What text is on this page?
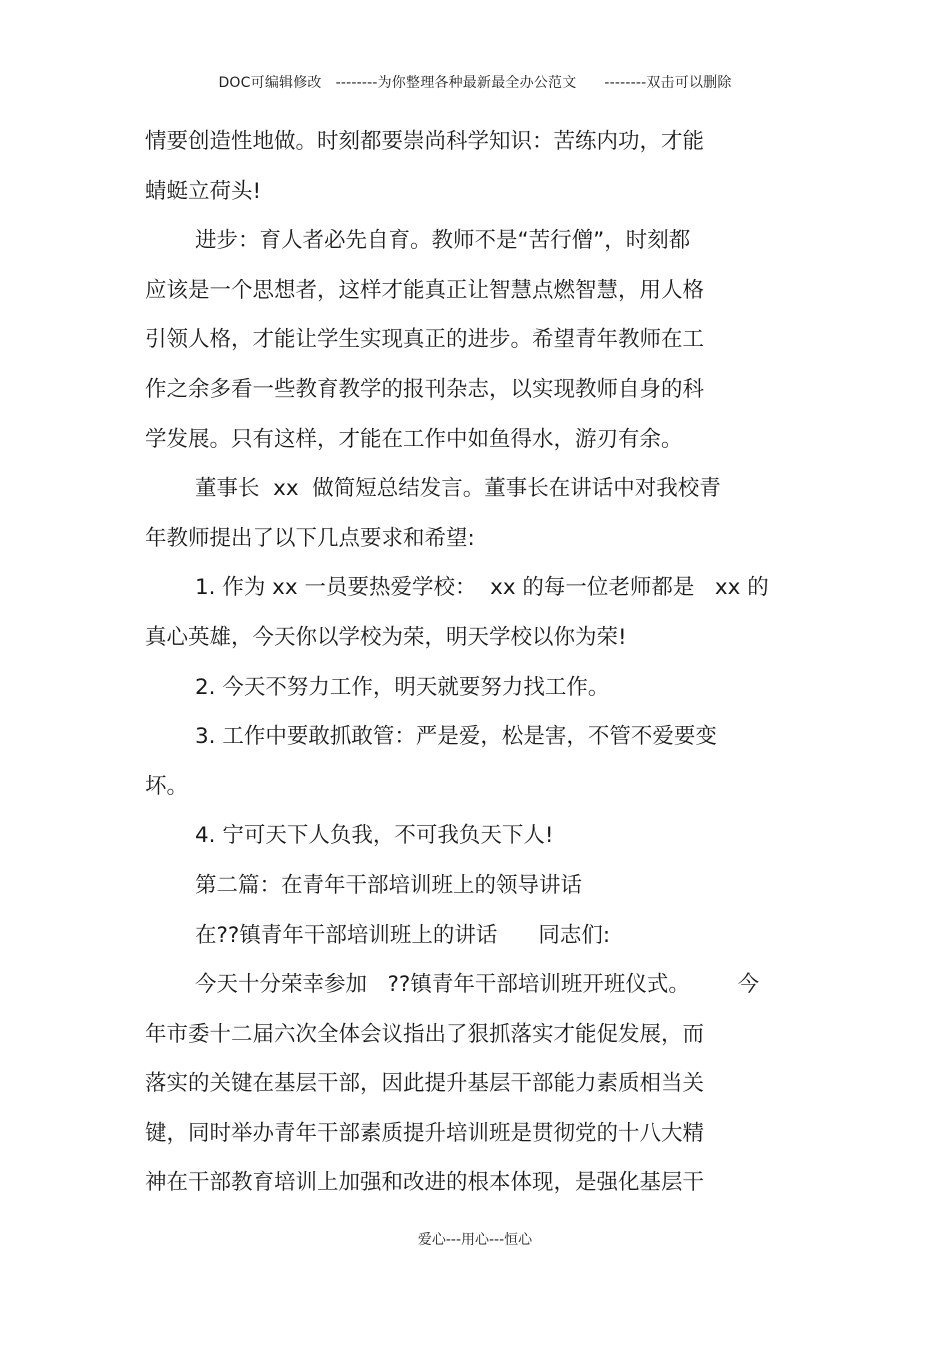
DOC可编辑修改 --------为你整理各种最新最全办公范文 --------双击可以删除
情要创造性地做。时刻都要崇尚科学知识：苦练内功，才能
蜻蜓立荷头!
进步：育人者必先自育。教师不是“苦行僧”，时刻都
应该是一个思想者，这样才能真正让智慧点燃智慧，用人格
引领人格，才能让学生实现真正的进步。希望青年教师在工
作之余多看一些教育教学的报刊杂志，以实现教师自身的科
学发展。只有这样，才能在工作中如鱼得水，游刃有余。
董事长  xx  做简短总结发言。董事长在讲话中对我校青
年教师提出了以下几点要求和希望:
1. 作为 xx 一员要热爱学校：  xx 的每一位老师都是   xx 的
真心英雄，今天你以学校为荣，明天学校以你为荣!
2. 今天不努力工作，明天就要努力找工作。
3. 工作中要敢抓敢管：严是爱，松是害，不管不爱要变
坏。
4. 宁可天下人负我，不可我负天下人!
第二篇：在青年干部培训班上的领导讲话
在??镇青年干部培训班上的讲话      同志们:
今天十分荣幸参加   ??镇青年干部培训班开班仪式。       今
年市委十二届六次全体会议指出了狠抓落实才能促发展，而
落实的关键在基层干部，因此提升基层干部能力素质相当关
键，同时举办青年干部素质提升培训班是贯彻党的十八大精
神在干部教育培训上加强和改进的根本体现，是强化基层干
爱心---用心---恒心
